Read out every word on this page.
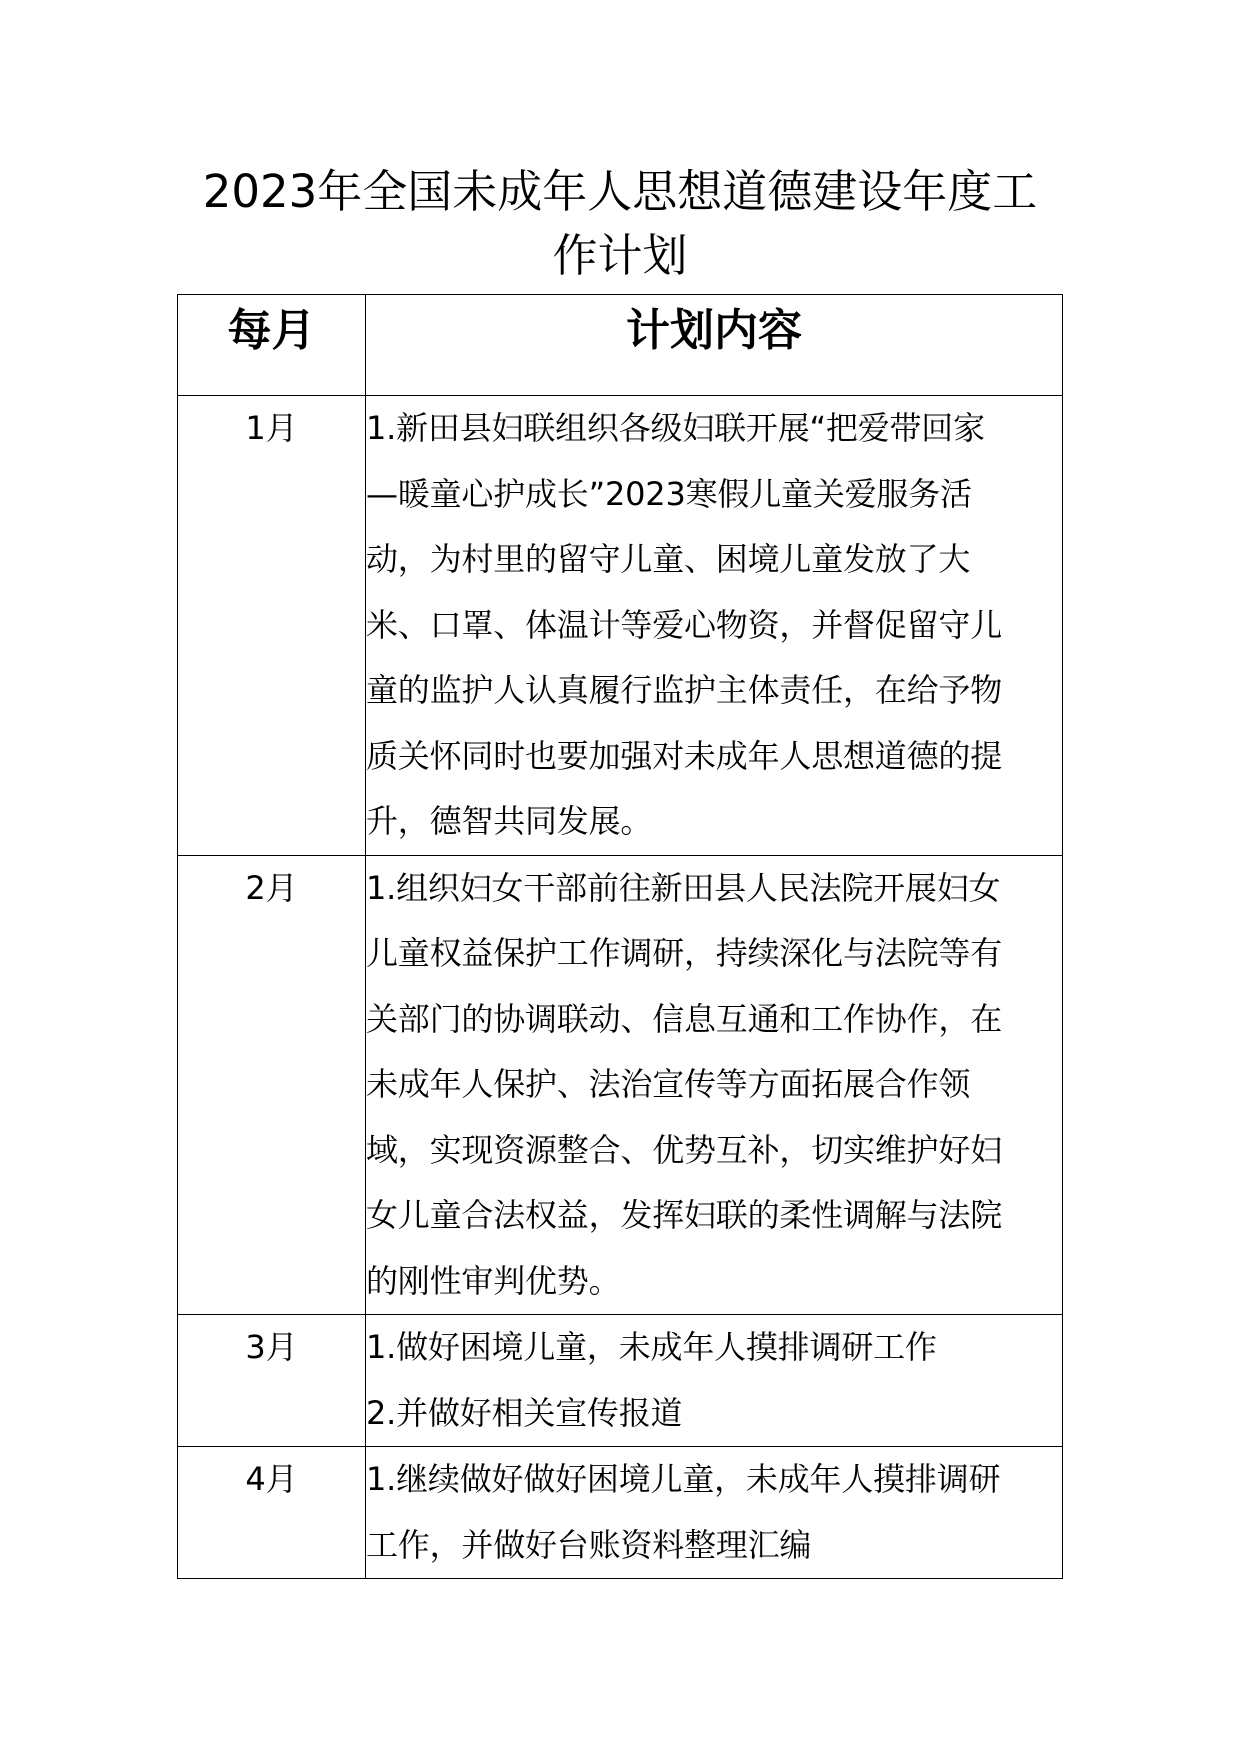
2023年全国未成年人思想道德建设年度工
作计划
每月	计划内容
1月	1.新田县妇联组织各级妇联开展“把爱带回家
—暖童心护成长”2023寒假儿童关爱服务活
动，为村里的留守儿童、困境儿童发放了大
米、口罩、体温计等爱心物资，并督促留守儿
童的监护人认真履行监护主体责任，在给予物
质关怀同时也要加强对未成年人思想道德的提
升，德智共同发展。

2月	1.组织妇女干部前往新田县人民法院开展妇女
儿童权益保护工作调研，持续深化与法院等有
关部门的协调联动、信息互通和工作协作，在
未成年人保护、法治宣传等方面拓展合作领
域，实现资源整合、优势互补，切实维护好妇
女儿童合法权益，发挥妇联的柔性调解与法院
的刚性审判优势。

3月	1.做好困境儿童，未成年人摸排调研工作
2.并做好相关宣传报道

4月	1.继续做好做好困境儿童，未成年人摸排调研
工作，并做好台账资料整理汇编
